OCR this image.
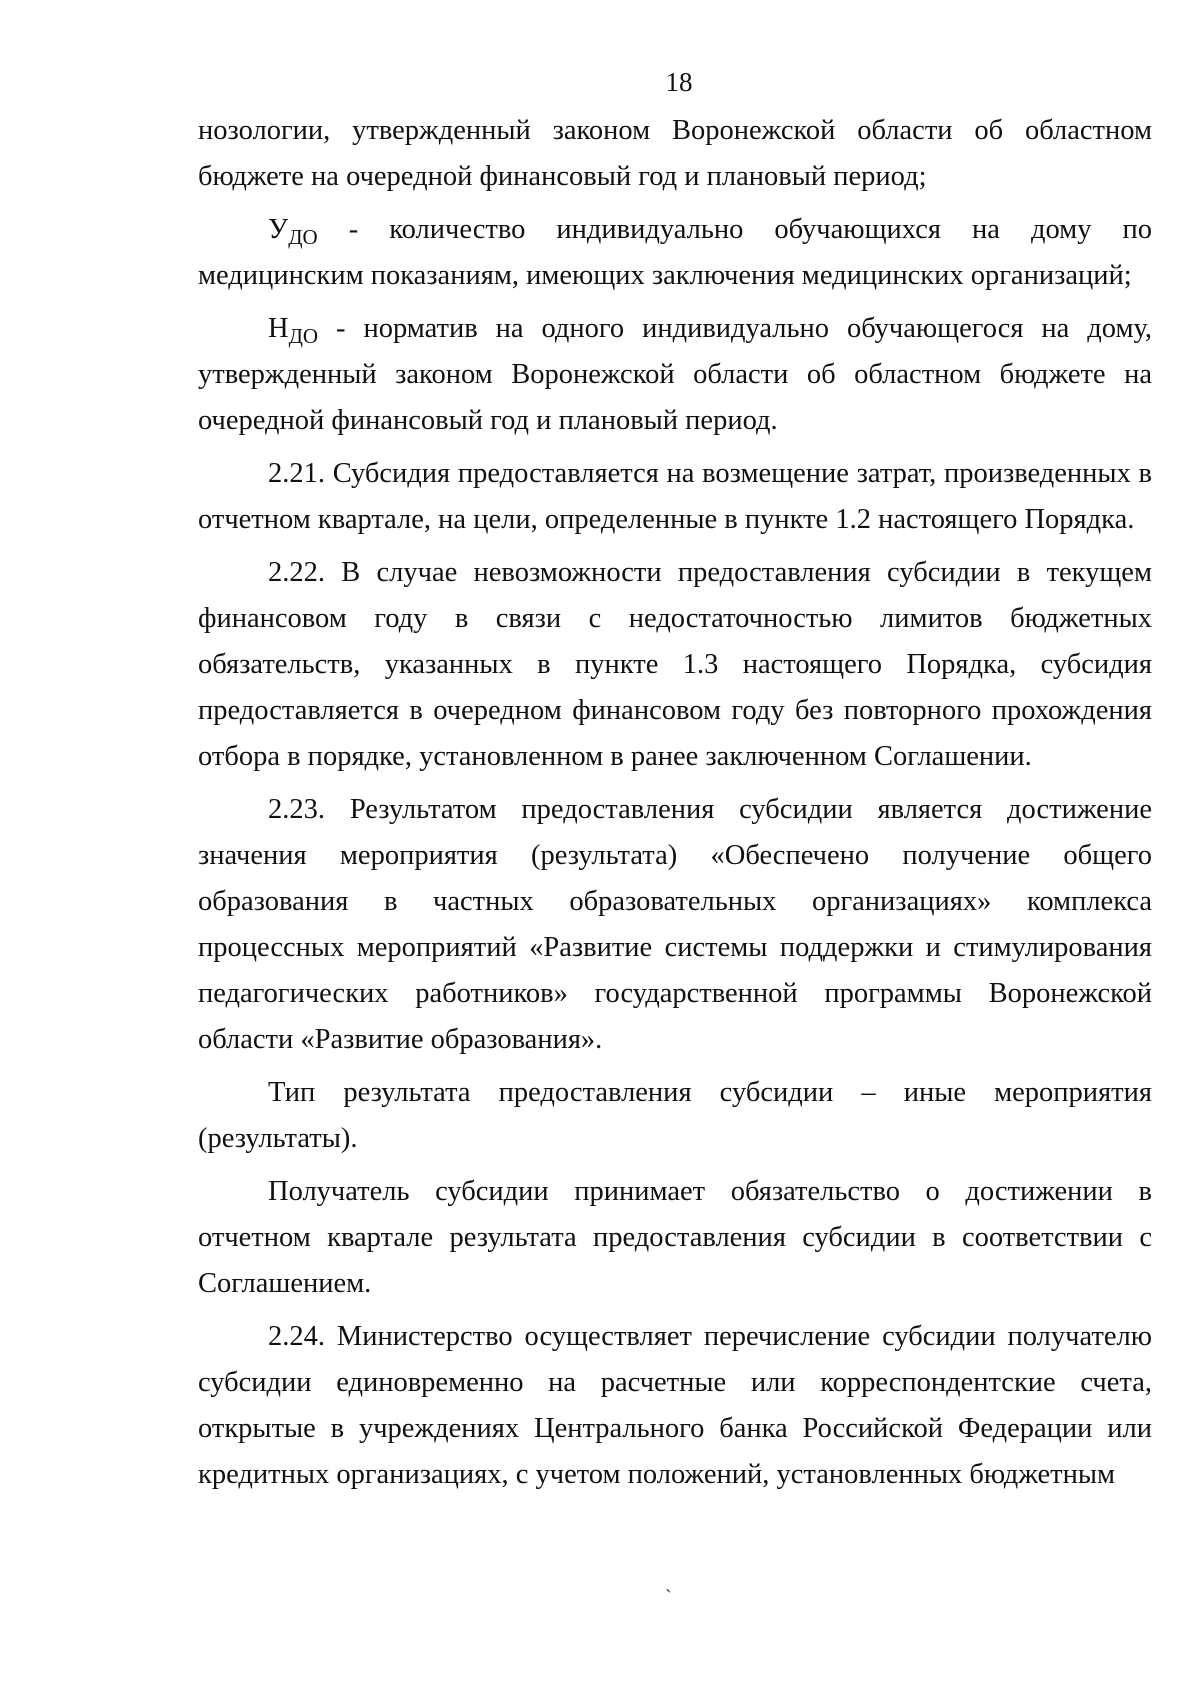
18

нозологии, утвержденный законом Воронежской области об областном бюджете на очередной финансовый год и плановый период;

$У_{ДО}$ - количество индивидуально обучающихся на дому по медицинским показаниям, имеющих заключения медицинских организаций;

$Н_{ДО}$ - норматив на одного индивидуально обучающегося на дому, утвержденный законом Воронежской области об областном бюджете на очередной финансовый год и плановый период.

2.21. Субсидия предоставляется на возмещение затрат, произведенных в отчетном квартале, на цели, определенные в пункте 1.2 настоящего Порядка.

2.22. В случае невозможности предоставления субсидии в текущем финансовом году в связи с недостаточностью лимитов бюджетных обязательств, указанных в пункте 1.3 настоящего Порядка, субсидия предоставляется в очередном финансовом году без повторного прохождения отбора в порядке, установленном в ранее заключенном Соглашении.

2.23. Результатом предоставления субсидии является достижение значения мероприятия (результата) «Обеспечено получение общего образования в частных образовательных организациях» комплекса процессных мероприятий «Развитие системы поддержки и стимулирования педагогических работников» государственной программы Воронежской области «Развитие образования».

Тип результата предоставления субсидии – иные мероприятия (результаты).

Получатель субсидии принимает обязательство о достижении в отчетном квартале результата предоставления субсидии в соответствии с Соглашением.

2.24. Министерство осуществляет перечисление субсидии получателю субсидии единовременно на расчетные или корреспондентские счета, открытые в учреждениях Центрального банка Российской Федерации или кредитных организациях, с учетом положений, установленных бюджетным

ˎ
